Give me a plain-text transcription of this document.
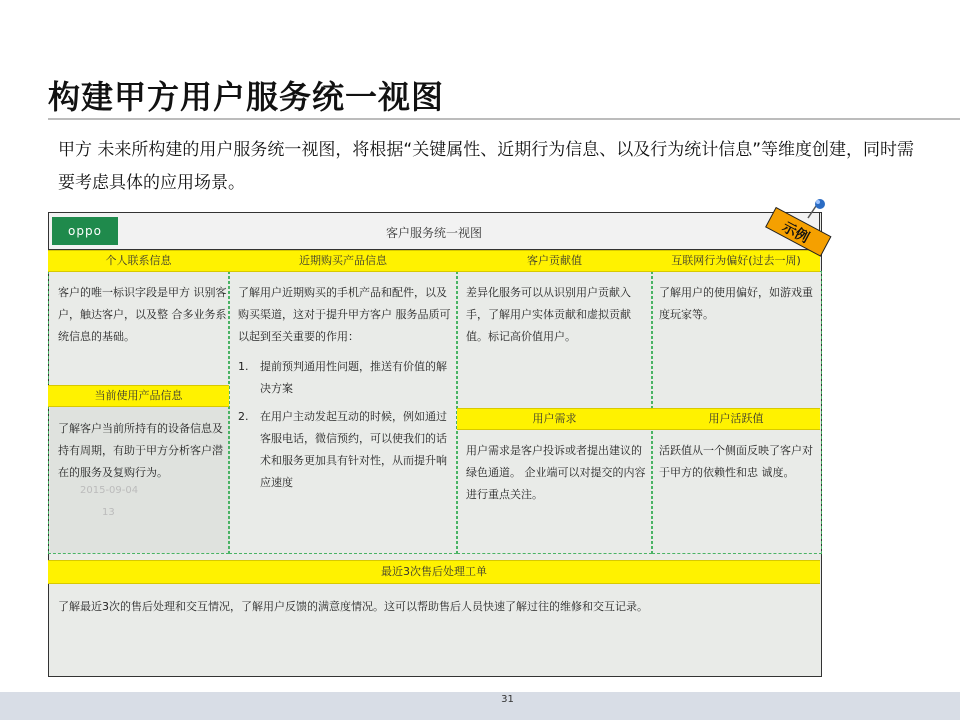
构建甲方用户服务统一视图
甲方 未来所构建的用户服务统一视图，将根据“关键属性、近期行为信息、以及行为统计信息”等维度创建，同时需要考虑具体的应用场景。
oppo	客户服务统一视图
2015-09-04
13
个人联系信息	近期购买产品信息	客户贡献值	互联网行为偏好(过去一周)
客户的唯一标识字段是甲方 识别客户，触达客户，以及整 合多业务系统信息的基础。
当前使用产品信息
了解客户当前所持有的设备信息及持有周期，有助于甲方分析客户潜在的服务及复购行为。
了解用户近期购买的手机产品和配件，以及购买渠道，这对于提升甲方客户 服务品质可以起到至关重要的作用：
1. 提前预判通用性问题，推送有价值的解决方案
2. 在用户主动发起互动的时候，例如通过客服电话，微信预约，可以使我们的话术和服务更加具有针对性，从而提升响应速度
差异化服务可以从识别用户贡献入手，了解用户实体贡献和虚拟贡献值。标记高价值用户。
了解用户的使用偏好，如游戏重度玩家等。
用户需求	用户活跃值
用户需求是客户投诉或者提出建议的绿色通道。 企业端可以对提交的内容进行重点关注。
活跃值从一个侧面反映了客户对于甲方的依赖性和忠 诚度。
最近3次售后处理工单
了解最近3次的售后处理和交互情况，了解用户反馈的满意度情况。这可以帮助售后人员快速了解过往的维修和交互记录。
示例
31
